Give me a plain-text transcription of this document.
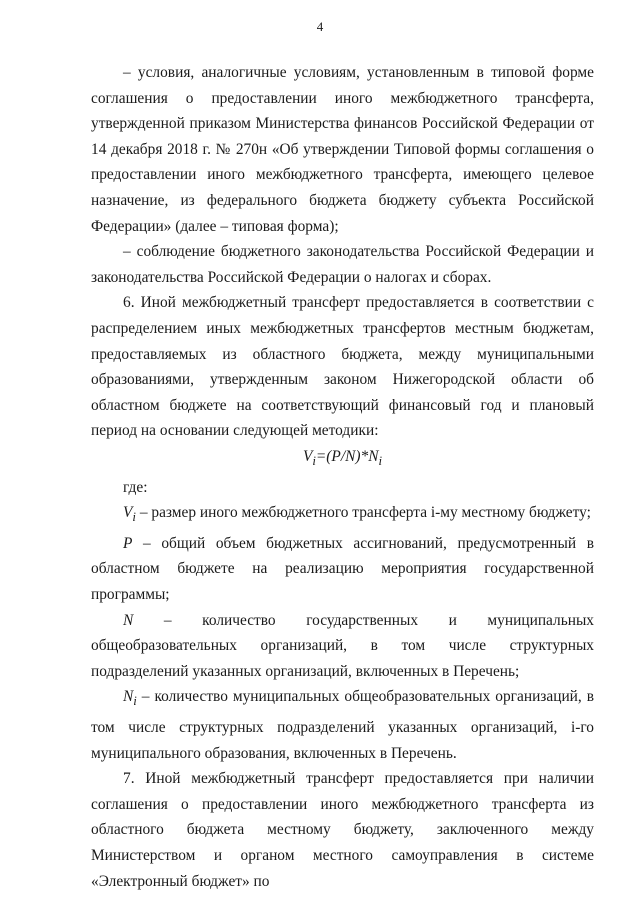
4

– условия, аналогичные условиям, установленным в типовой форме соглашения о предоставлении иного межбюджетного трансферта, утвержденной приказом Министерства финансов Российской Федерации от 14 декабря 2018 г. № 270н «Об утверждении Типовой формы соглашения о предоставлении иного межбюджетного трансферта, имеющего целевое назначение, из федерального бюджета бюджету субъекта Российской Федерации» (далее – типовая форма);

– соблюдение бюджетного законодательства Российской Федерации и законодательства Российской Федерации о налогах и сборах.

6. Иной межбюджетный трансферт предоставляется в соответствии с распределением иных межбюджетных трансфертов местным бюджетам, предоставляемых из областного бюджета, между муниципальными образованиями, утвержденным законом Нижегородской области об областном бюджете на соответствующий финансовый год и плановый период на основании следующей методики:

$V_i=(P/N)*N_i$

где:

$V_i$ – размер иного межбюджетного трансферта i-му местному бюджету;

P – общий объем бюджетных ассигнований, предусмотренный в областном бюджете на реализацию мероприятия государственной программы;

N – количество государственных и муниципальных общеобразовательных организаций, в том числе структурных подразделений указанных организаций, включенных в Перечень;

$N_i$ – количество муниципальных общеобразовательных организаций, в том числе структурных подразделений указанных организаций, i-го муниципального образования, включенных в Перечень.

7. Иной межбюджетный трансферт предоставляется при наличии соглашения о предоставлении иного межбюджетного трансферта из областного бюджета местному бюджету, заключенного между Министерством и органом местного самоуправления в системе «Электронный бюджет» по
